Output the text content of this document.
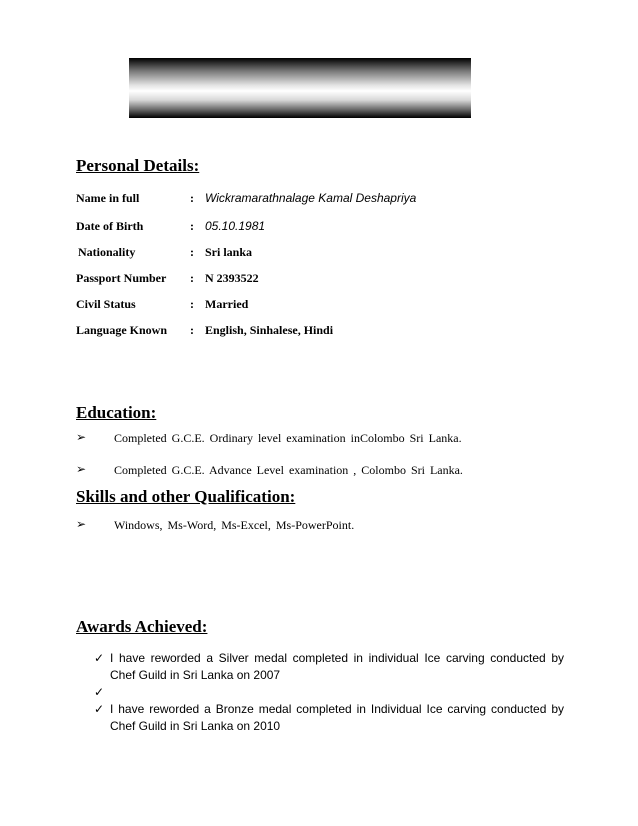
Personal Details:
Name in full	: Wickramarathnalage Kamal Deshapriya
Date of Birth	: 05.10.1981
Nationality	: Sri lanka
Passport Number : N 2393522
Civil Status	: Married
Language Known : English, Sinhalese, Hindi
Education:
➢ Completed G.C.E. Ordinary level examination inColombo Sri Lanka.
➢ Completed G.C.E. Advance Level examination , Colombo Sri Lanka.
Skills and other Qualification:
➢ Windows, Ms-Word, Ms-Excel, Ms-PowerPoint.
Awards Achieved:
✓ I have reworded a Silver medal completed in individual Ice carving conducted by Chef Guild in Sri Lanka on 2007
✓
✓ I have reworded a Bronze medal completed in Individual Ice carving conducted by Chef Guild in Sri Lanka on 2010
